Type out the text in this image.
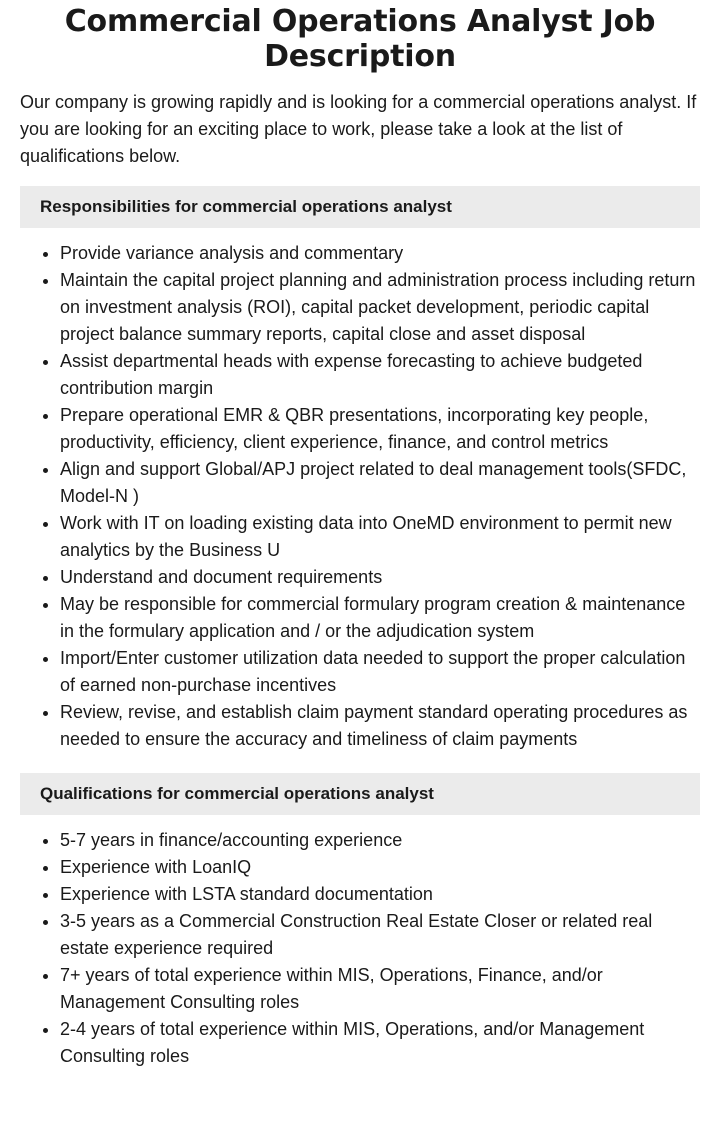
Commercial Operations Analyst Job Description

Our company is growing rapidly and is looking for a commercial operations analyst. If you are looking for an exciting place to work, please take a look at the list of qualifications below.

Responsibilities for commercial operations analyst
• Provide variance analysis and commentary
• Maintain the capital project planning and administration process including return on investment analysis (ROI), capital packet development, periodic capital project balance summary reports, capital close and asset disposal
• Assist departmental heads with expense forecasting to achieve budgeted contribution margin
• Prepare operational EMR & QBR presentations, incorporating key people, productivity, efficiency, client experience, finance, and control metrics
• Align and support Global/APJ project related to deal management tools(SFDC, Model-N )
• Work with IT on loading existing data into OneMD environment to permit new analytics by the Business U
• Understand and document requirements
• May be responsible for commercial formulary program creation & maintenance in the formulary application and / or the adjudication system
• Import/Enter customer utilization data needed to support the proper calculation of earned non-purchase incentives
• Review, revise, and establish claim payment standard operating procedures as needed to ensure the accuracy and timeliness of claim payments
Qualifications for commercial operations analyst
• 5-7 years in finance/accounting experience
• Experience with LoanIQ
• Experience with LSTA standard documentation
• 3-5 years as a Commercial Construction Real Estate Closer or related real estate experience required
• 7+ years of total experience within MIS, Operations, Finance, and/or Management Consulting roles
• 2-4 years of total experience within MIS, Operations, and/or Management Consulting roles
